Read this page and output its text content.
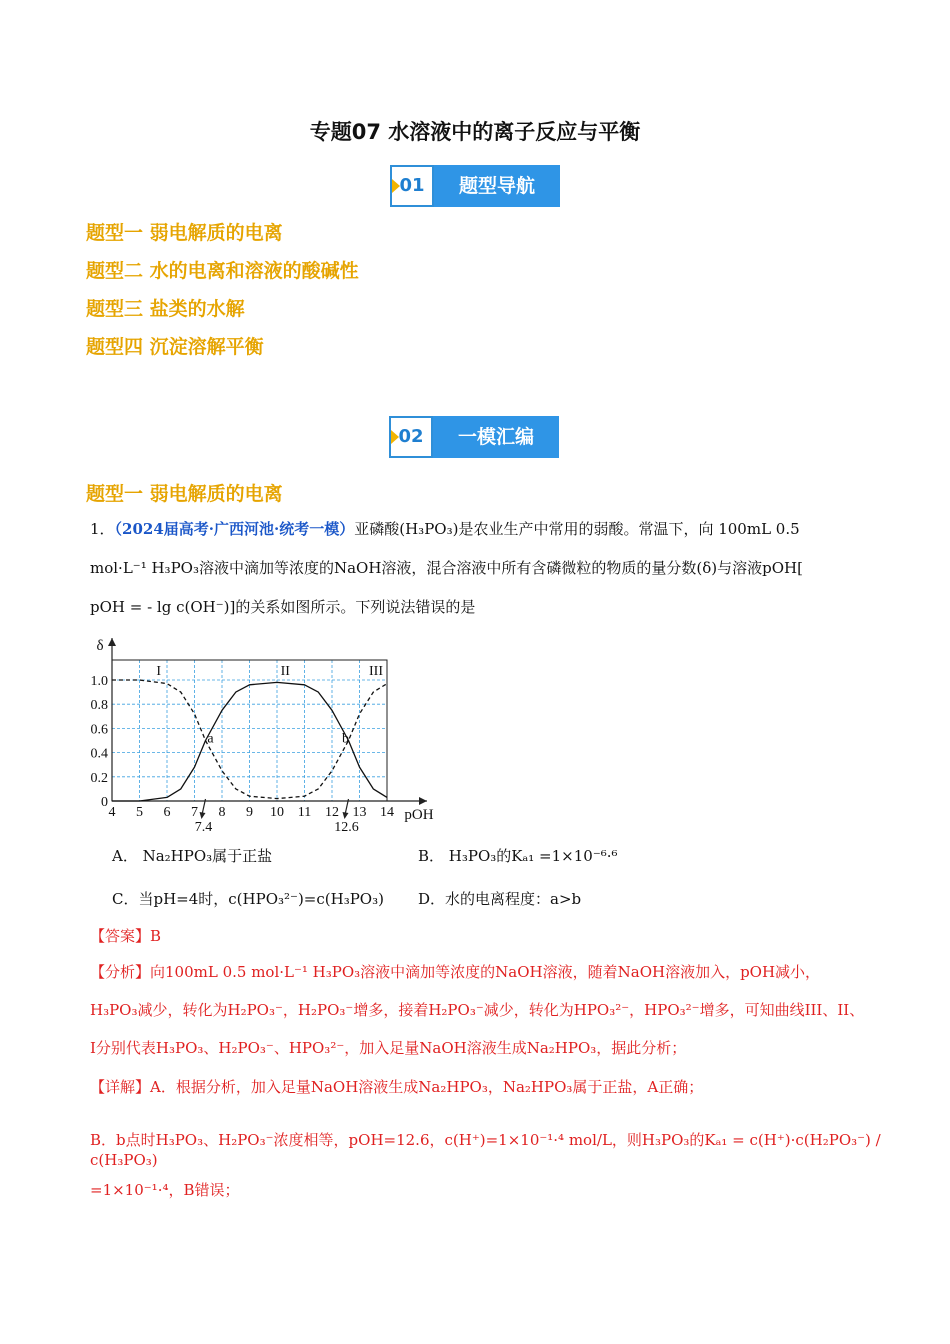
专题07 水溶液中的离子反应与平衡
01	题型导航
题型一 弱电解质的电离
题型二 水的电离和溶液的酸碱性
题型三 盐类的水解
题型四 沉淀溶解平衡
02	一模汇编
题型一 弱电解质的电离
1．（2024届高考·广西河池·统考一模）亚磷酸(H₃PO₃)是农业生产中常用的弱酸。常温下，向 100mL 0.5
mol·L⁻¹ H₃PO₃溶液中滴加等浓度的NaOH溶液，混合溶液中所有含磷微粒的物质的量分数(δ)与溶液pOH[
pOH = - lg c(OH⁻)]的关系如图所示。下列说法错误的是
4 5 6 7 8 9 10 11 12 13 14
0
0.2
0.4
0.6
0.8
1.0
pOH
δ
I	II	III
a	b
7.4	12.6
A． Na₂HPO₃属于正盐	B． H₃PO₃的Kₐ₁ =1×10⁻⁶·⁶
C．当pH=4时，c(HPO₃²⁻)=c(H₃PO₃) D．水的电离程度：a>b
【答案】B
【分析】向100mL 0.5 mol·L⁻¹ H₃PO₃溶液中滴加等浓度的NaOH溶液，随着NaOH溶液加入，pOH减小，
H₃PO₃减少，转化为H₂PO₃⁻，H₂PO₃⁻增多，接着H₂PO₃⁻减少，转化为HPO₃²⁻，HPO₃²⁻增多，可知曲线III、II、
I分别代表H₃PO₃、H₂PO₃⁻、HPO₃²⁻，加入足量NaOH溶液生成Na₂HPO₃，据此分析；
【详解】A．根据分析，加入足量NaOH溶液生成Na₂HPO₃，Na₂HPO₃属于正盐，A正确；
B．b点时H₃PO₃、H₂PO₃⁻浓度相等，pOH=12.6，c(H⁺)=1×10⁻¹·⁴ mol/L，则H₃PO₃的Kₐ₁ = c(H⁺)·c(H₂PO₃⁻) / c(H₃PO₃)
=1×10⁻¹·⁴，B错误；
